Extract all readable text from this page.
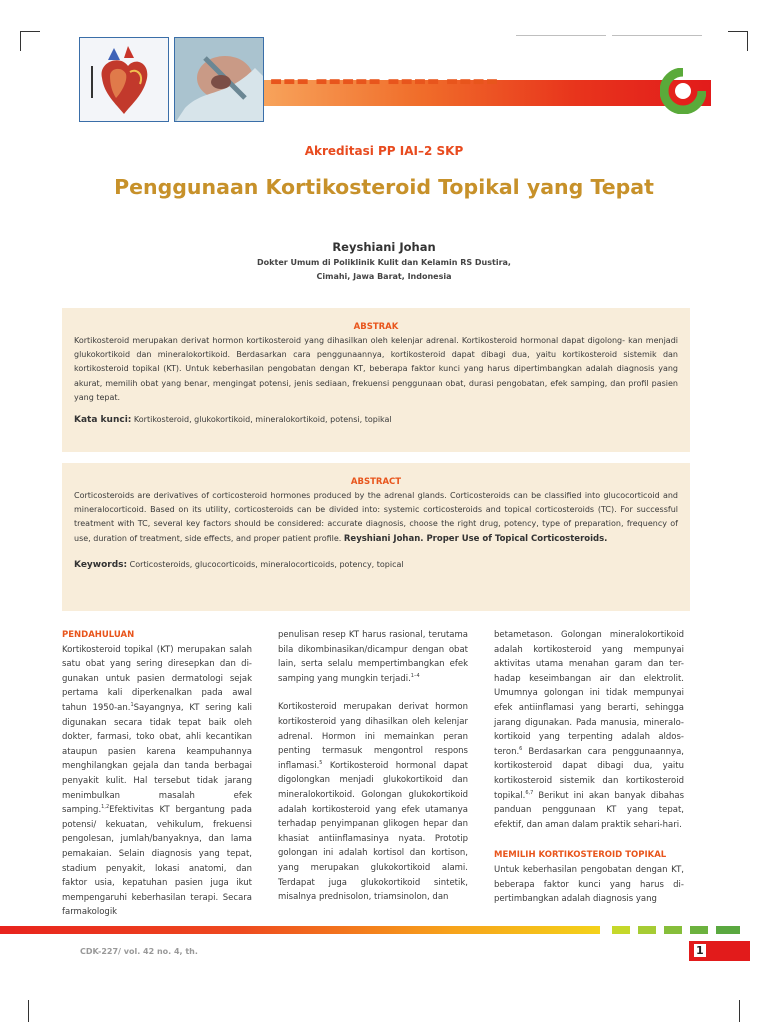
▬▬▬ ▬▬▬▬▬ ▬▬▬▬ ▬▬▬▬
Akreditasi PP IAI–2 SKP
Penggunaan Kortikosteroid Topikal yang Tepat
Reyshiani Johan
Dokter Umum di Poliklinik Kulit dan Kelamin RS Dustira,
Cimahi, Jawa Barat, Indonesia
ABSTRAK
Kortikosteroid merupakan derivat hormon kortikosteroid yang dihasilkan oleh kelenjar adrenal. Kortikosteroid hormonal dapat digolong- kan menjadi glukokortikoid dan mineralokortikoid. Berdasarkan cara penggunaannya, kortikosteroid dapat dibagi dua, yaitu kortikosteroid sistemik dan kortikosteroid topikal (KT). Untuk keberhasilan pengobatan dengan KT, beberapa faktor kunci yang harus dipertimbangkan adalah diagnosis yang akurat, memilih obat yang benar, mengingat potensi, jenis sediaan, frekuensi penggunaan obat, durasi pengobatan, efek samping, dan profil pasien yang tepat.
Kata kunci: Kortikosteroid, glukokortikoid, mineralokortikoid, potensi, topikal
ABSTRACT
Corticosteroids are derivatives of corticosteroid hormones produced by the adrenal glands. Corticosteroids can be classified into glucocorticoid and mineralocorticoid. Based on its utility, corticosteroids can be divided into: systemic corticosteroids and topical corticosteroids (TC). For successful treatment with TC, several key factors should be considered: accurate diagnosis, choose the right drug, potency, type of preparation, frequency of use, duration of treatment, side effects, and proper patient profile. Reyshiani Johan. Proper Use of Topical Corticosteroids.
Keywords: Corticosteroids, glucocorticoids, mineralocorticoids, potency, topical
PENDAHULUAN

Kortikosteroid topikal (KT) merupakan salah satu obat yang sering diresepkan dan di- gunakan untuk pasien dermatologi sejak pertama kali diperkenalkan pada awal tahun 1950-an.$^1$Sayangnya, KT sering kali digunakan secara tidak tepat baik oleh dokter, farmasi, toko obat, ahli kecantikan ataupun pasien karena keampuhannya menghilangkan gejala dan tanda berbagai penyakit kulit. Hal tersebut tidak jarang menimbulkan masalah efek samping.$^{1,2}$Efektivitas KT bergantung pada potensi/ kekuatan, vehikulum, frekuensi pengolesan, jumlah/banyaknya, dan lama pemakaian. Selain diagnosis yang tepat, stadium penyakit, lokasi anatomi, dan faktor usia, kepatuhan pasien juga ikut mempengaruhi keberhasilan terapi. Secara farmakologik

penulisan resep KT harus rasional, terutama bila dikombinasikan/dicampur dengan obat lain, serta selalu mempertimbangkan efek samping yang mungkin terjadi.$^{1-4}$

Kortikosteroid merupakan derivat hormon kortikosteroid yang dihasilkan oleh kelenjar adrenal. Hormon ini memainkan peran penting termasuk mengontrol respons inflamasi.$^5$ Kortikosteroid hormonal dapat digolongkan menjadi glukokortikoid dan mineralokortikoid. Golongan glukokortikoid adalah kortikosteroid yang efek utamanya terhadap penyimpanan glikogen hepar dan khasiat antiinflamasinya nyata. Prototip golongan ini adalah kortisol dan kortison, yang merupakan glukokortikoid alami. Terdapat juga glukokortikoid sintetik, misalnya prednisolon, triamsinolon, dan

betametason. Golongan mineralokortikoid adalah kortikosteroid yang mempunyai aktivitas utama menahan garam dan ter- hadap keseimbangan air dan elektrolit. Umumnya golongan ini tidak mempunyai efek antiinflamasi yang berarti, sehingga jarang digunakan. Pada manusia, mineralo- kortikoid yang terpenting adalah aldos- teron.$^6$ Berdasarkan cara penggunaannya, kortikosteroid dapat dibagi dua, yaitu kortikosteroid sistemik dan kortikosteroid topikal.$^{6,7}$ Berikut ini akan banyak dibahas panduan penggunaan KT yang tepat, efektif, dan aman dalam praktik sehari-hari.

MEMILIH KORTIKOSTEROID TOPIKAL

Untuk keberhasilan pengobatan dengan KT, beberapa faktor kunci yang harus di- pertimbangkan adalah diagnosis yang

CDK-227/ vol. 42 no. 4, th.	1
